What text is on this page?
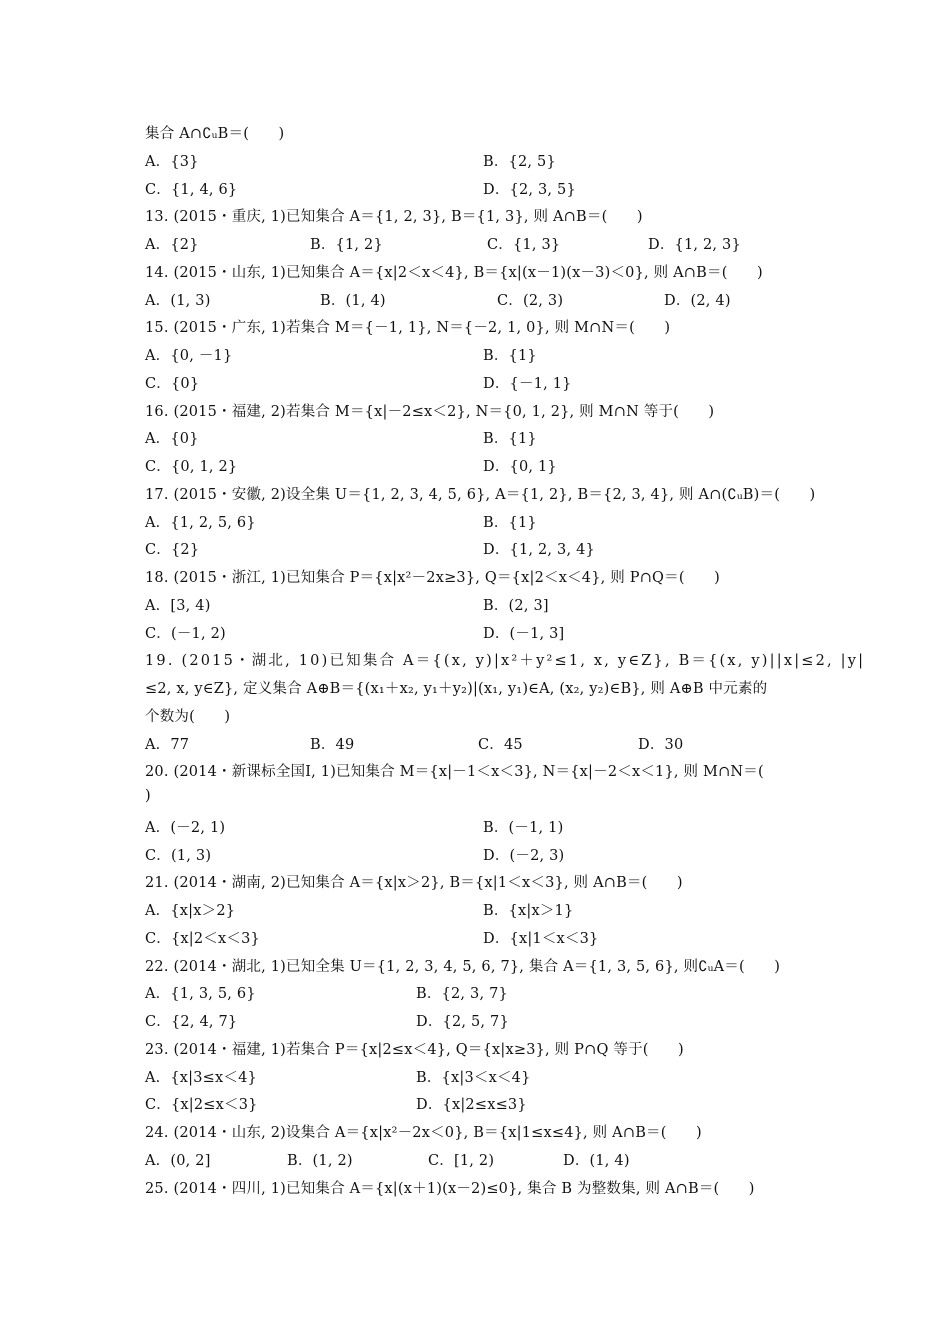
集合 A∩∁ᵤB＝(　　)
A．{3}	B．{2, 5}
C．{1, 4, 6}	D．{2, 3, 5}
13. (2015・重庆, 1)已知集合 A＝{1, 2, 3}, B＝{1, 3}, 则 A∩B＝(　　)
A．{2}	B．{1, 2}	C．{1, 3}	D．{1, 2, 3}
14. (2015・山东, 1)已知集合 A＝{x|2＜x＜4}, B＝{x|(x－1)(x－3)＜0}, 则 A∩B＝(　　)
A．(1, 3)	B．(1, 4)	C．(2, 3)	D．(2, 4)
15. (2015・广东, 1)若集合 M＝{－1, 1}, N＝{－2, 1, 0}, 则 M∩N＝(　　)
A．{0, －1}	B．{1}
C．{0}	D．{－1, 1}
16. (2015・福建, 2)若集合 M＝{x|－2≤x＜2}, N＝{0, 1, 2}, 则 M∩N 等于(　　)
A．{0}	B．{1}
C．{0, 1, 2}	D．{0, 1}
17. (2015・安徽, 2)设全集 U＝{1, 2, 3, 4, 5, 6}, A＝{1, 2}, B＝{2, 3, 4}, 则 A∩(∁ᵤB)＝(　　)
A．{1, 2, 5, 6}	B．{1}
C．{2}	D．{1, 2, 3, 4}
18. (2015・浙江, 1)已知集合 P＝{x|x²－2x≥3}, Q＝{x|2＜x＜4}, 则 P∩Q＝(　　)
A．[3, 4)	B．(2, 3]
C．(－1, 2)	D．(－1, 3]
19. (2015・湖北, 10)已知集合 A＝{(x, y)|x²＋y²≤1, x, y∈Z}, B＝{(x, y)||x|≤2, |y|
≤2, x, y∈Z}, 定义集合 A⊕B＝{(x₁＋x₂, y₁＋y₂)|(x₁, y₁)∈A, (x₂, y₂)∈B}, 则 A⊕B 中元素的
个数为(　　)
A．77	B．49	C．45	D．30
20. (2014・新课标全国Ⅰ, 1)已知集合 M＝{x|－1＜x＜3}, N＝{x|－2＜x＜1}, 则 M∩N＝(
)
A．(－2, 1)	B．(－1, 1)
C．(1, 3)	D．(－2, 3)
21. (2014・湖南, 2)已知集合 A＝{x|x＞2}, B＝{x|1＜x＜3}, 则 A∩B＝(　　)
A．{x|x＞2}	B．{x|x＞1}
C．{x|2＜x＜3}	D．{x|1＜x＜3}
22. (2014・湖北, 1)已知全集 U＝{1, 2, 3, 4, 5, 6, 7}, 集合 A＝{1, 3, 5, 6}, 则∁ᵤA＝(　　)
A．{1, 3, 5, 6}	B．{2, 3, 7}
C．{2, 4, 7}	D．{2, 5, 7}
23. (2014・福建, 1)若集合 P＝{x|2≤x＜4}, Q＝{x|x≥3}, 则 P∩Q 等于(　　)
A．{x|3≤x＜4}	B．{x|3＜x＜4}
C．{x|2≤x＜3}	D．{x|2≤x≤3}
24. (2014・山东, 2)设集合 A＝{x|x²－2x＜0}, B＝{x|1≤x≤4}, 则 A∩B＝(　　)
A．(0, 2]	B．(1, 2)	C．[1, 2)	D．(1, 4)
25. (2014・四川, 1)已知集合 A＝{x|(x＋1)(x－2)≤0}, 集合 B 为整数集, 则 A∩B＝(　　)
